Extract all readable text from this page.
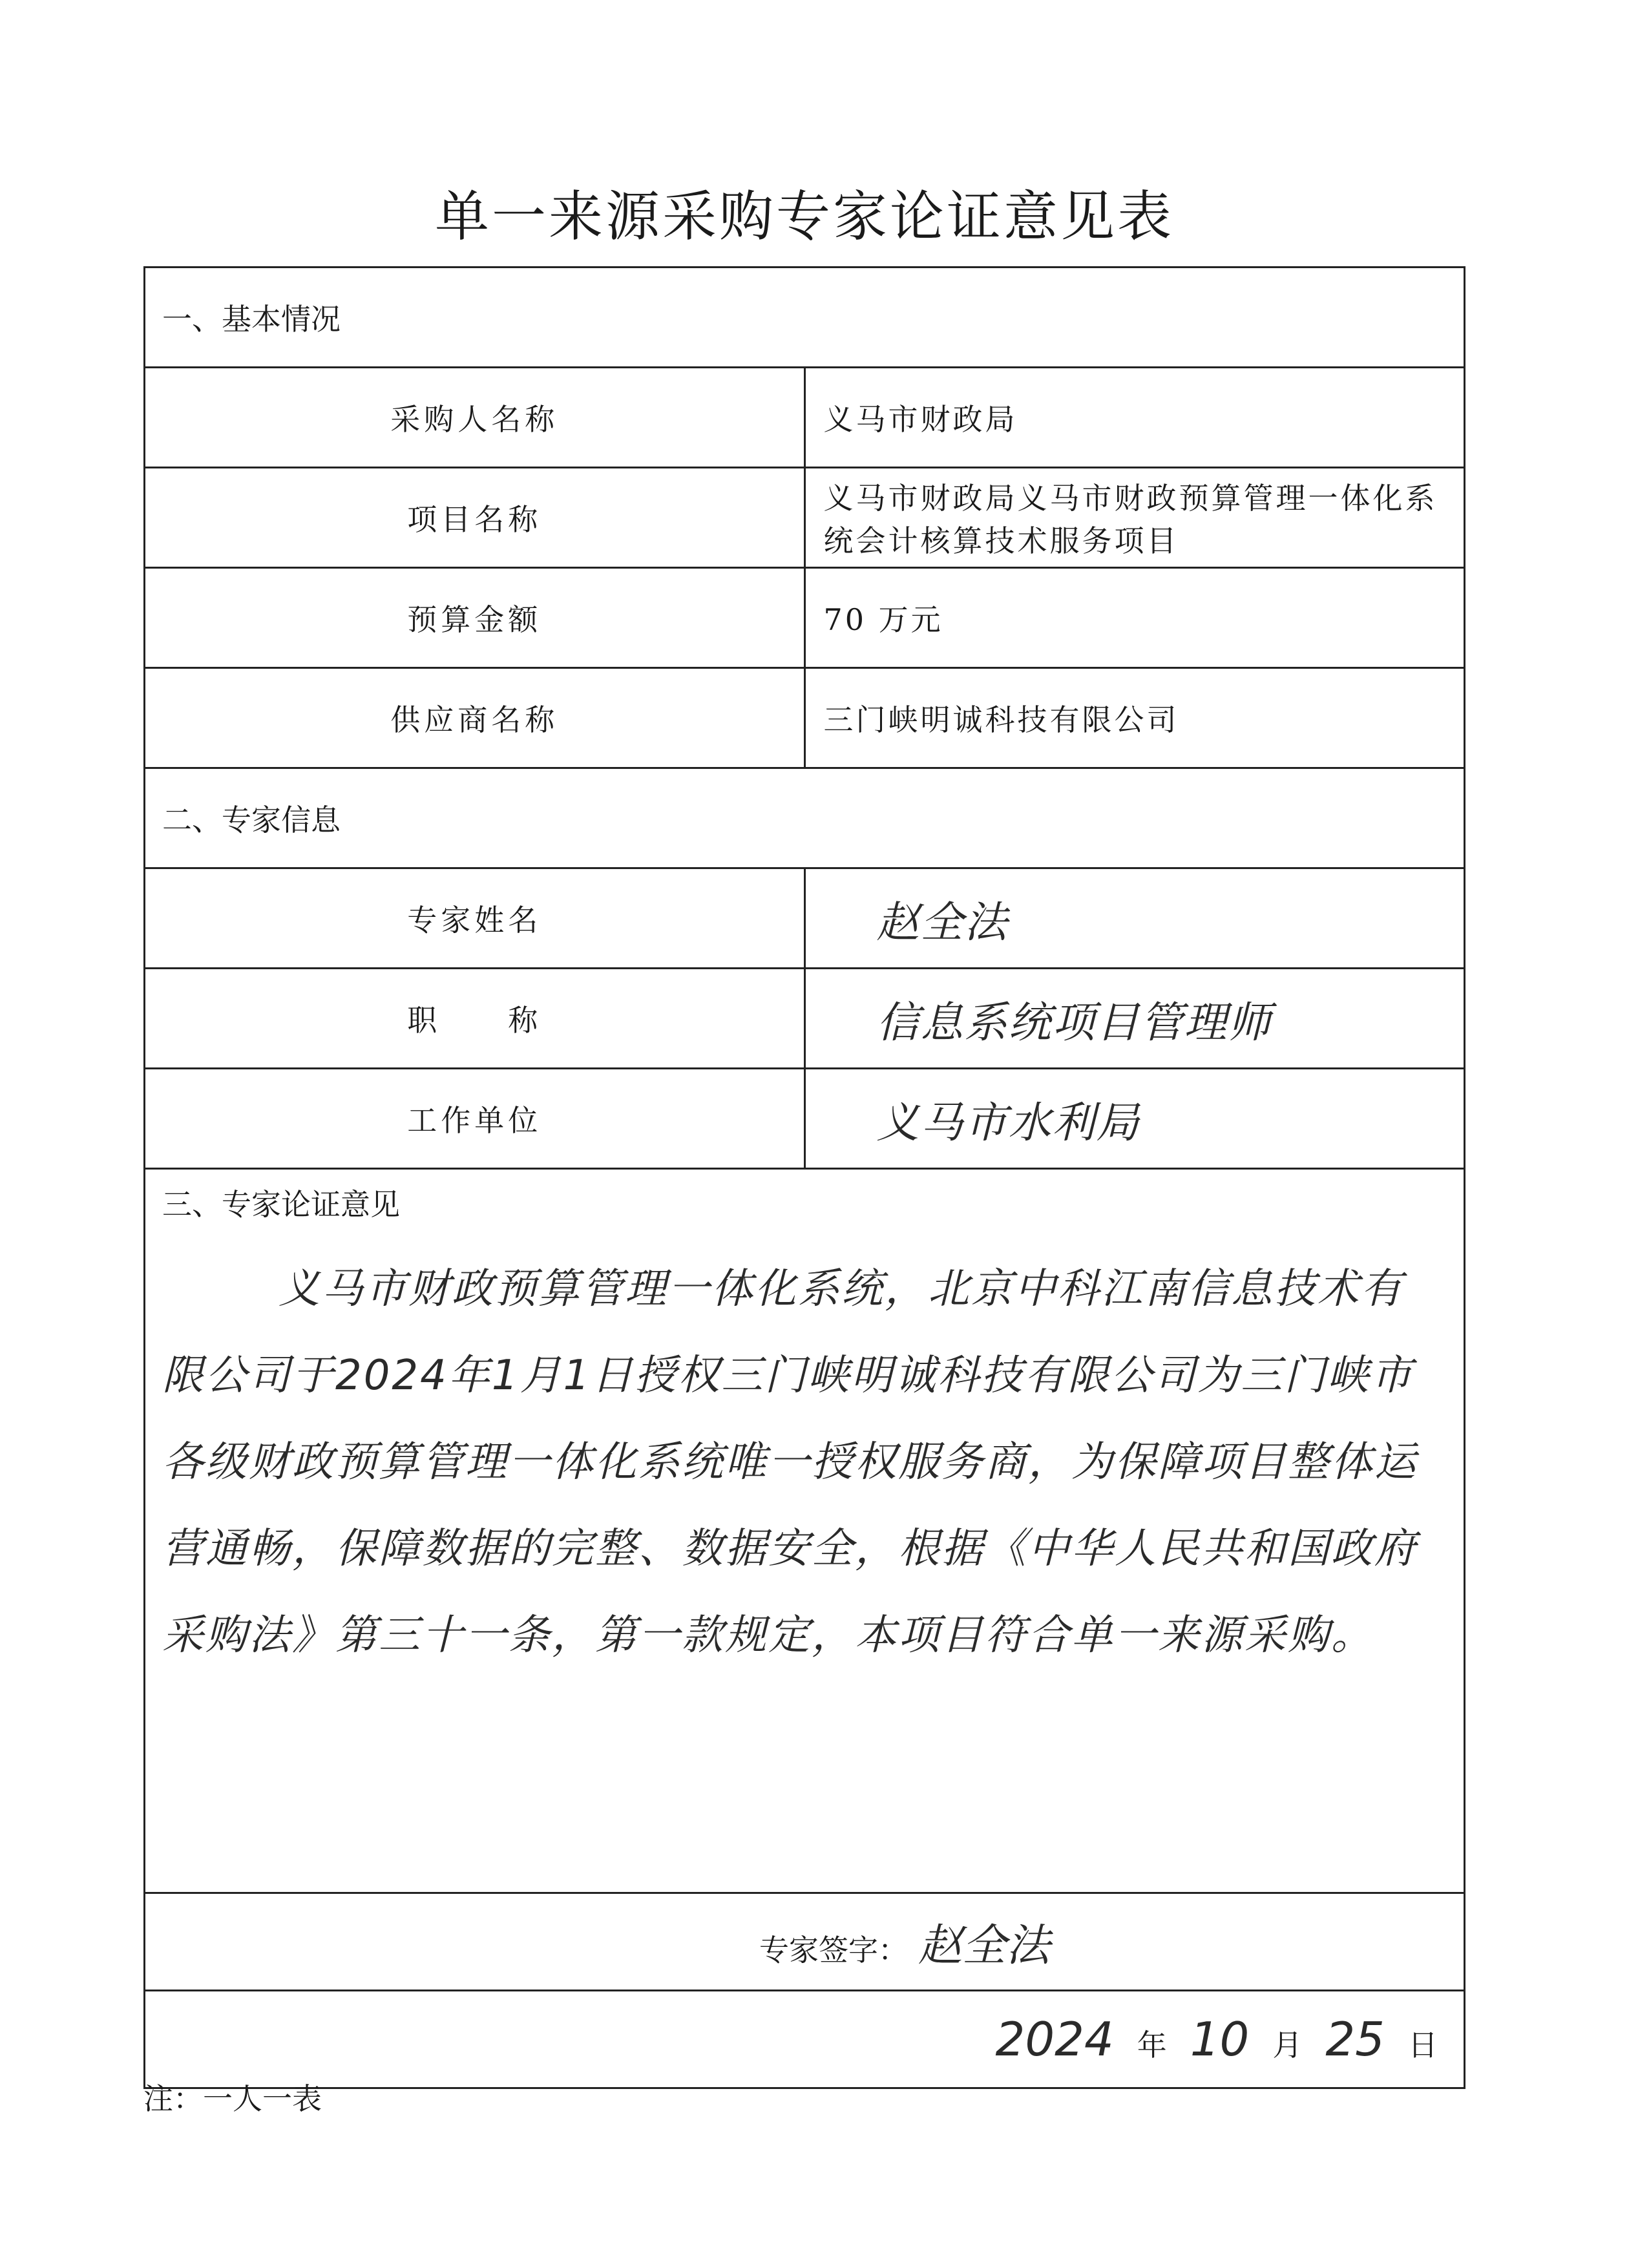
单一来源采购专家论证意见表
一、基本情况	
采购人名称	义马市财政局
项目名称	义马市财政局义马市财政预算管理一体化系统会计核算技术服务项目
预算金额	70 万元
供应商名称	三门峡明诚科技有限公司
二、专家信息	
专家姓名	赵全法
职　　称	信息系统项目管理师
工作单位	义马市水利局

三、专家论证意见
义马市财政预算管理一体化系统，北京中科江南信息技术有限公司于2024年1月1日授权三门峡明诚科技有限公司为三门峡市各级财政预算管理一体化系统唯一授权服务商，为保障项目整体运营通畅，保障数据的完整、数据安全，根据《中华人民共和国政府采购法》第三十一条，第一款规定，本项目符合单一来源采购。	

专家签字： 赵全法	
2024 年 10 月 25 日	
注：一人一表
